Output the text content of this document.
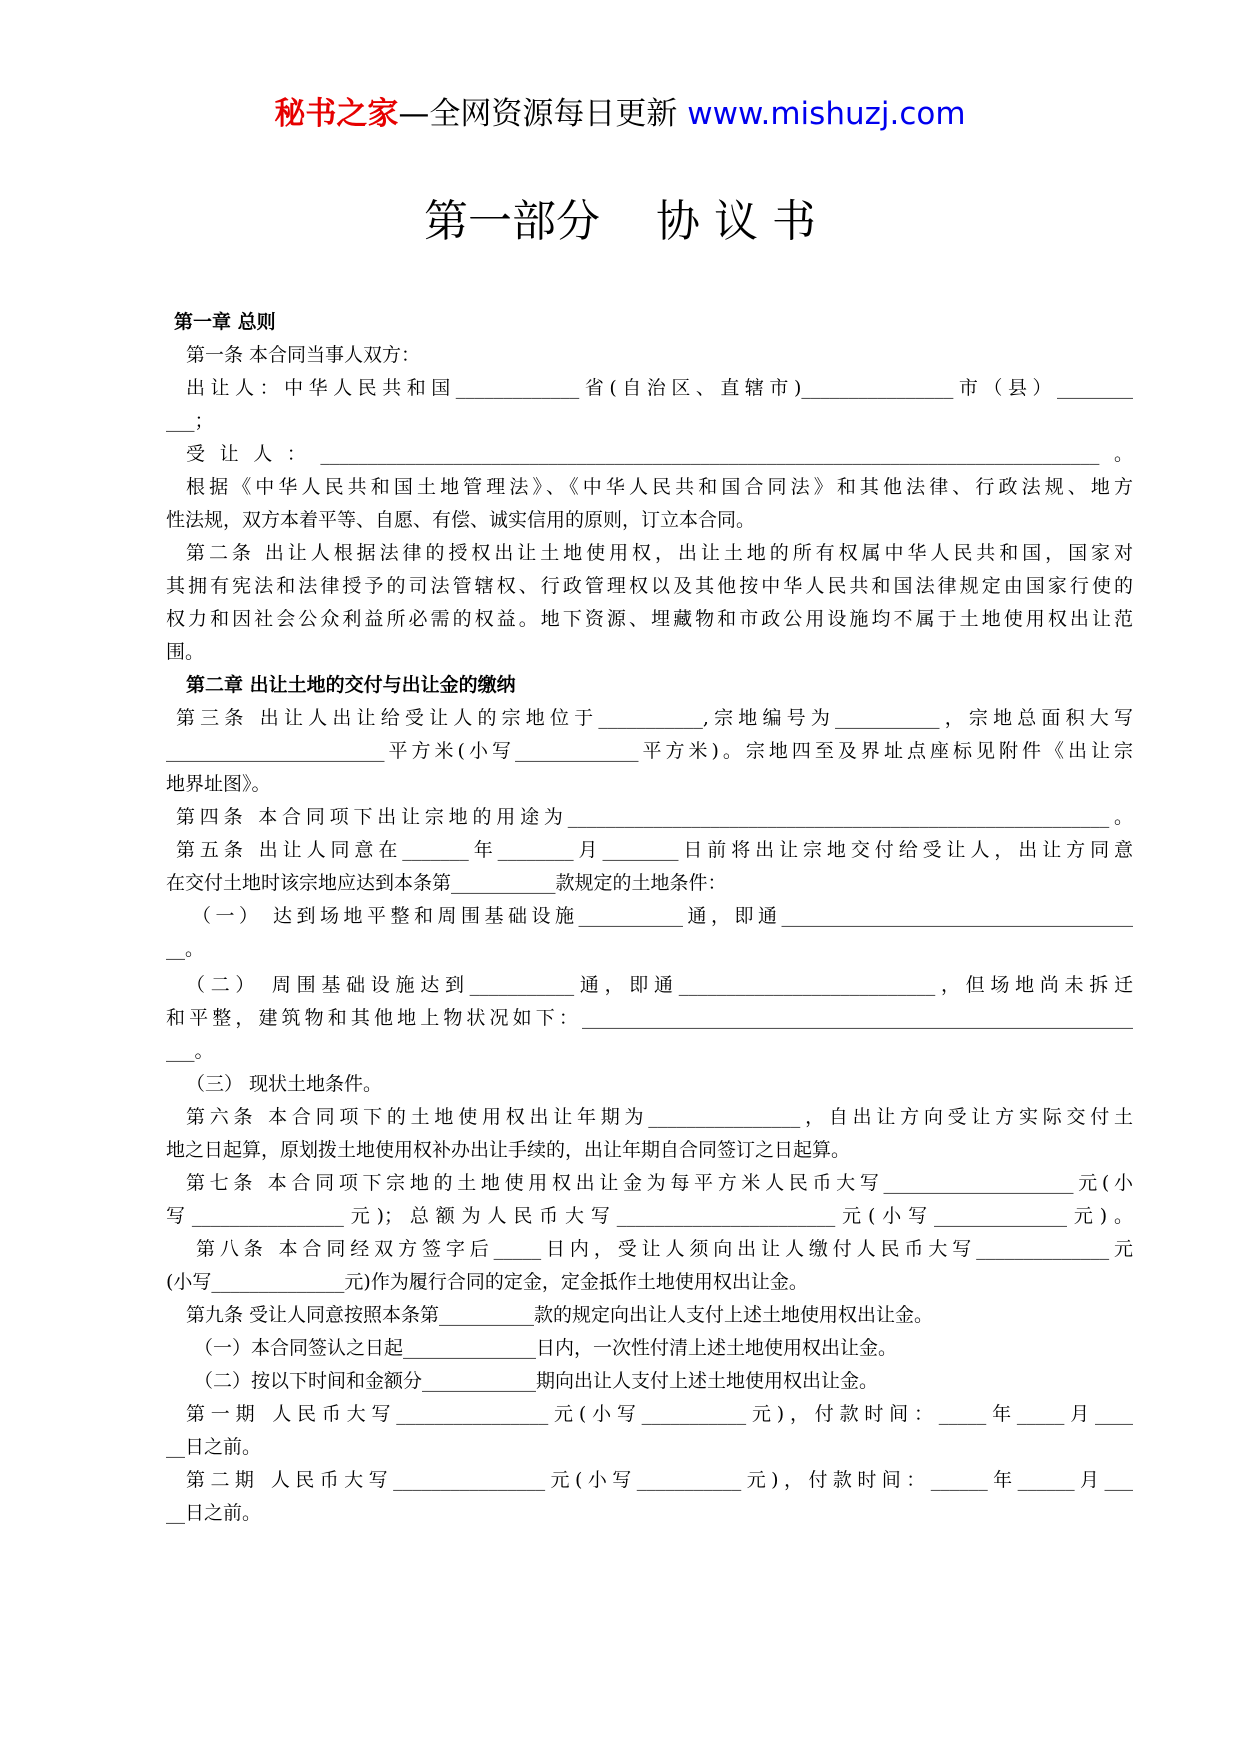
秘书之家—全网资源每日更新 www.mishuzj.com
第一部分    协 议 书
第一章 总则
第一条 本合同当事人双方：
出让人：中华人民共和国_____________省(自治区、直辖市)________________市（县）________
___；
受让人：__________________________________________________________________________________。
根据《中华人民共和国土地管理法》、《中华人民共和国合同法》和其他法律、行政法规、地方
性法规，双方本着平等、自愿、有偿、诚实信用的原则，订立本合同。
第二条 出让人根据法律的授权出让土地使用权，出让土地的所有权属中华人民共和国，国家对
其拥有宪法和法律授予的司法管辖权、行政管理权以及其他按中华人民共和国法律规定由国家行使的
权力和因社会公众利益所必需的权益。地下资源、埋藏物和市政公用设施均不属于土地使用权出让范
围。
第二章 出让土地的交付与出让金的缴纳
第三条 出让人出让给受让人的宗地位于___________,宗地编号为___________，宗地总面积大写
_______________________平方米(小写_____________平方米)。宗地四至及界址点座标见附件《出让宗
地界址图》。
第四条 本合同项下出让宗地的用途为_________________________________________________________。
第五条 出让人同意在_______年________月________日前将出让宗地交付给受让人，出让方同意
在交付土地时该宗地应达到本条第___________款规定的土地条件：
（一） 达到场地平整和周围基础设施___________通，即通_____________________________________
__。
（二） 周围基础设施达到___________通，即通___________________________，但场地尚未拆迁
和平整，建筑物和其他地上物状况如下：__________________________________________________________
___。
（三） 现状土地条件。
第六条 本合同项下的土地使用权出让年期为________________，自出让方向受让方实际交付土
地之日起算，原划拨土地使用权补办出让手续的，出让年期自合同签订之日起算。
第七条 本合同项下宗地的土地使用权出让金为每平方米人民币大写____________________元(小
写________________元)；总额为人民币大写_______________________元(小写______________元)。
第八条 本合同经双方签字后_____日内，受让人须向出让人缴付人民币大写______________元
(小写______________元)作为履行合同的定金，定金抵作土地使用权出让金。
第九条 受让人同意按照本条第__________款的规定向出让人支付上述土地使用权出让金。
（一）本合同签认之日起______________日内，一次性付清上述土地使用权出让金。
（二）按以下时间和金额分____________期向出让人支付上述土地使用权出让金。
第一期 人民币大写________________元(小写___________元)，付款时间：_____年_____月____
__日之前。
第二期 人民币大写________________元(小写___________元)，付款时间：______年______月___
__日之前。
